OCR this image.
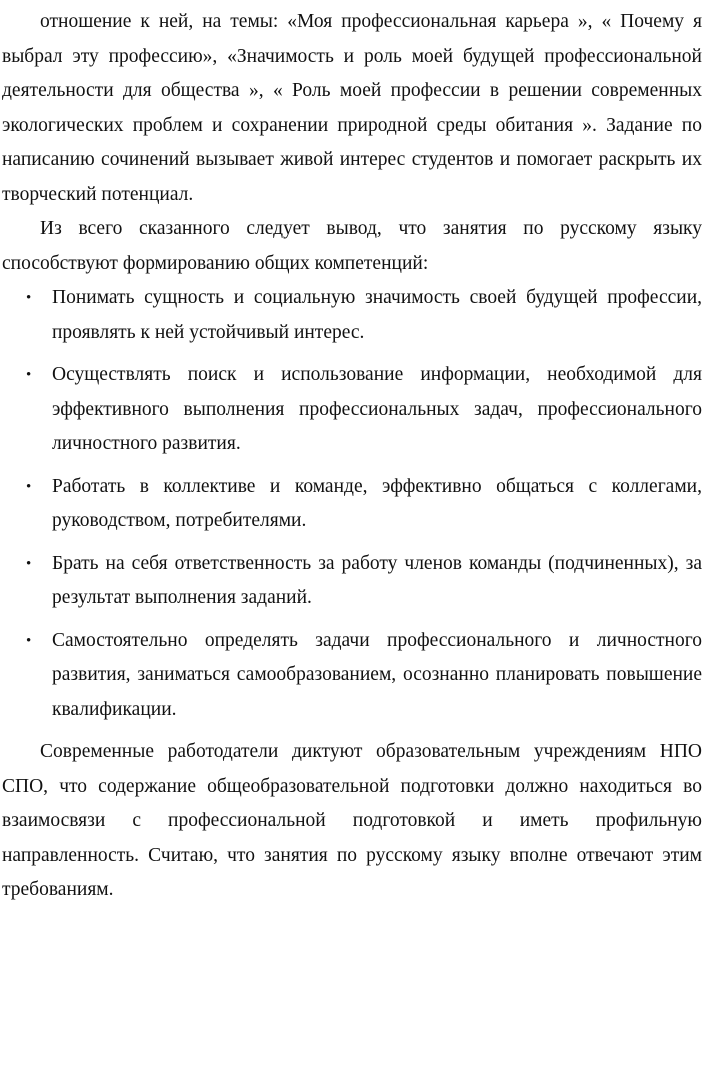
отношение к ней, на темы: «Моя профессиональная карьера », « Почему я выбрал эту профессию», «Значимость и роль моей будущей профессиональной деятельности для общества », « Роль моей профессии в решении современных экологических проблем и сохранении природной среды обитания ». Задание по написанию сочинений вызывает живой интерес студентов и помогает раскрыть их творческий потенциал.

Из всего сказанного следует вывод, что занятия по русскому языку способствуют формированию общих компетенций:

• Понимать сущность и социальную значимость своей будущей профессии, проявлять к ней устойчивый интерес.
• Осуществлять поиск и использование информации, необходимой для эффективного выполнения профессиональных задач, профессионального личностного развития.
• Работать в коллективе и команде, эффективно общаться с коллегами, руководством, потребителями.
• Брать на себя ответственность за работу членов команды (подчиненных), за результат выполнения заданий.
• Самостоятельно определять задачи профессионального и личностного развития, заниматься самообразованием, осознанно планировать повышение квалификации.

Современные работодатели диктуют образовательным учреждениям НПО СПО, что содержание общеобразовательной подготовки должно находиться во взаимосвязи с профессиональной подготовкой и иметь профильную направленность. Считаю, что занятия по русскому языку вполне отвечают этим требованиям.
